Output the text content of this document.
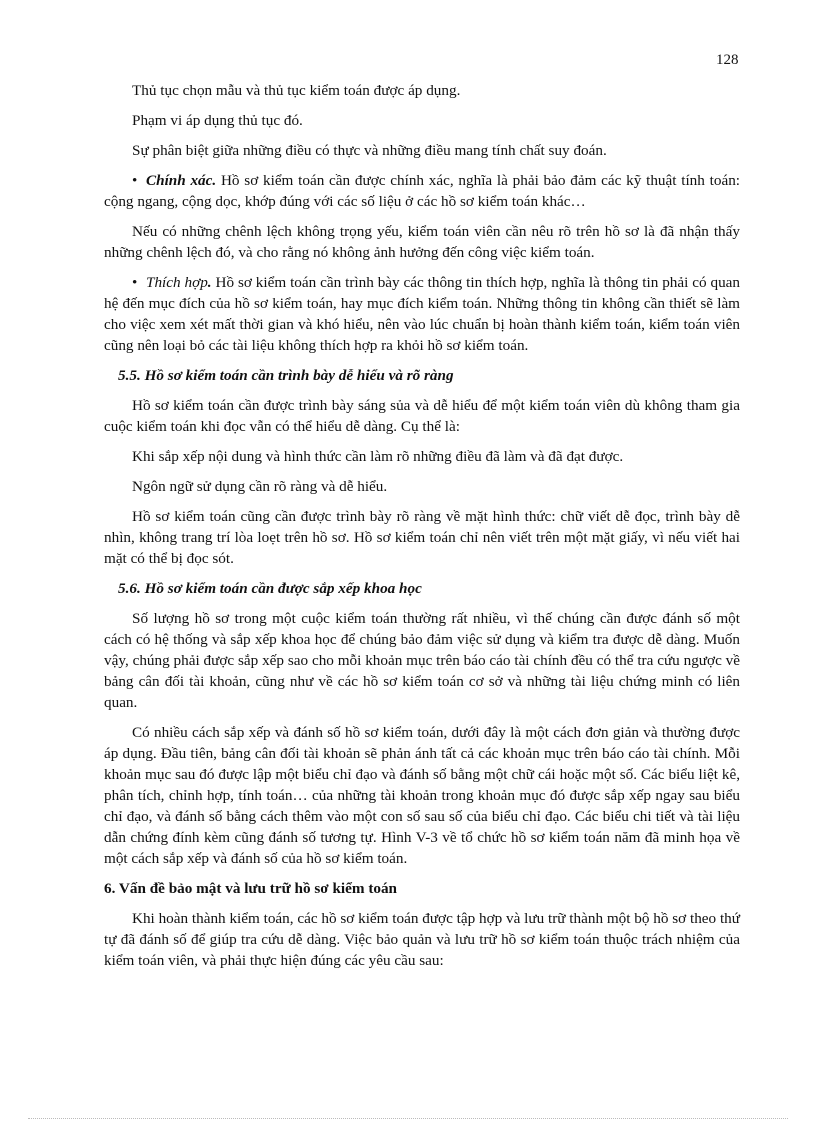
128

Thủ tục chọn mẫu và thủ tục kiểm toán được áp dụng.

Phạm vi áp dụng thủ tục đó.

Sự phân biệt giữa những điều có thực và những điều mang tính chất suy đoán.

• Chính xác. Hồ sơ kiểm toán cần được chính xác, nghĩa là phải bảo đảm các kỹ thuật tính toán: cộng ngang, cộng dọc, khớp đúng với các số liệu ở các hồ sơ kiểm toán khác…

Nếu có những chênh lệch không trọng yếu, kiểm toán viên cần nêu rõ trên hồ sơ là đã nhận thấy những chênh lệch đó, và cho rằng nó không ảnh hưởng đến công việc kiểm toán.

• Thích hợp. Hồ sơ kiểm toán cần trình bày các thông tin thích hợp, nghĩa là thông tin phải có quan hệ đến mục đích của hồ sơ kiểm toán, hay mục đích kiểm toán. Những thông tin không cần thiết sẽ làm cho việc xem xét mất thời gian và khó hiểu, nên vào lúc chuẩn bị hoàn thành kiểm toán, kiểm toán viên cũng nên loại bỏ các tài liệu không thích hợp ra khỏi hồ sơ kiểm toán.

5.5. Hồ sơ kiểm toán cần trình bày dễ hiểu và rõ ràng

Hồ sơ kiểm toán cần được trình bày sáng sủa và dễ hiểu để một kiểm toán viên dù không tham gia cuộc kiểm toán khi đọc vẫn có thể hiểu dễ dàng. Cụ thể là:

Khi sắp xếp nội dung và hình thức cần làm rõ những điều đã làm và đã đạt được.

Ngôn ngữ sử dụng cần rõ ràng và dễ hiểu.

Hồ sơ kiểm toán cũng cần được trình bày rõ ràng về mặt hình thức: chữ viết dễ đọc, trình bày dễ nhìn, không trang trí lòa loẹt trên hồ sơ. Hồ sơ kiểm toán chỉ nên viết trên một mặt giấy, vì nếu viết hai mặt có thể bị đọc sót.

5.6. Hồ sơ kiểm toán cần được sắp xếp khoa học

Số lượng hồ sơ trong một cuộc kiểm toán thường rất nhiều, vì thế chúng cần được đánh số một cách có hệ thống và sắp xếp khoa học để chúng bảo đảm việc sử dụng và kiểm tra được dễ dàng. Muốn vậy, chúng phải được sắp xếp sao cho mỗi khoản mục trên báo cáo tài chính đều có thể tra cứu ngược về bảng cân đối tài khoản, cũng như về các hồ sơ kiểm toán cơ sở và những tài liệu chứng minh có liên quan.

Có nhiều cách sắp xếp và đánh số hồ sơ kiểm toán, dưới đây là một cách đơn giản và thường được áp dụng. Đầu tiên, bảng cân đối tài khoản sẽ phản ánh tất cả các khoản mục trên báo cáo tài chính. Mỗi khoản mục sau đó được lập một biểu chỉ đạo và đánh số bằng một chữ cái hoặc một số. Các biểu liệt kê, phân tích, chỉnh hợp, tính toán… của những tài khoản trong khoản mục đó được sắp xếp ngay sau biểu chỉ đạo, và đánh số bằng cách thêm vào một con số sau số của biểu chỉ đạo. Các biểu chi tiết và tài liệu dẫn chứng đính kèm cũng đánh số tương tự. Hình V-3 về tổ chức hồ sơ kiểm toán năm đã minh họa về một cách sắp xếp và đánh số của hồ sơ kiểm toán.

6. Vấn đề bảo mật và lưu trữ hồ sơ kiểm toán

Khi hoàn thành kiểm toán, các hồ sơ kiểm toán được tập hợp và lưu trữ thành một bộ hồ sơ theo thứ tự đã đánh số để giúp tra cứu dễ dàng. Việc bảo quản và lưu trữ hồ sơ kiểm toán thuộc trách nhiệm của kiểm toán viên, và phải thực hiện đúng các yêu cầu sau:
